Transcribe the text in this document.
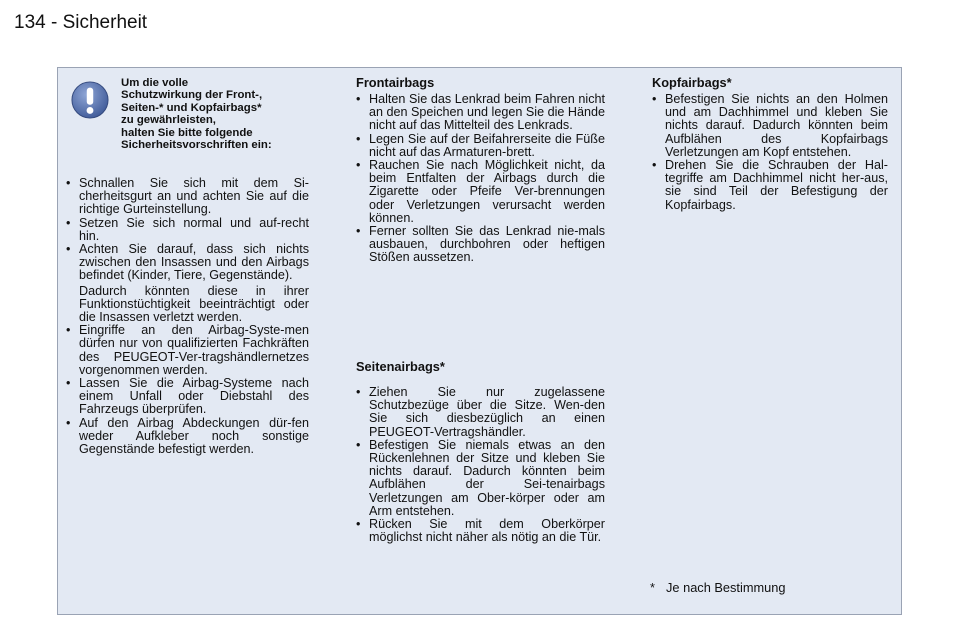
134 - Sicherheit
Um die volle
Schutzwirkung der Front-,
Seiten-* und Kopfairbags*
zu gewährleisten,
halten Sie bitte folgende
Sicherheitsvorschriften ein:
• Schnallen Sie sich mit dem Si-cherheitsgurt an und achten Sie auf die richtige Gurteinstellung.
• Setzen Sie sich normal und auf-recht hin.
• Achten Sie darauf, dass sich nichts zwischen den Insassen und den Airbags befindet (Kinder, Tiere, Gegenstände).

Dadurch könnten diese in ihrer Funktionstüchtigkeit beeinträchtigt oder die Insassen verletzt werden.

• Eingriffe an den Airbag-Syste-men dürfen nur von qualifizierten Fachkräften des PEUGEOT-Ver-tragshändlernetzes vorgenommen werden.
• Lassen Sie die Airbag-Systeme nach einem Unfall oder Diebstahl des Fahrzeugs überprüfen.
• Auf den Airbag Abdeckungen dür-fen weder Aufkleber noch sonstige Gegenstände befestigt werden.
Frontairbags
• Halten Sie das Lenkrad beim Fahren nicht an den Speichen und legen Sie die Hände nicht auf das Mittelteil des Lenkrads.
• Legen Sie auf der Beifahrerseite die Füße nicht auf das Armaturen-brett.
• Rauchen Sie nach Möglichkeit nicht, da beim Entfalten der Airbags durch die Zigarette oder Pfeife Ver-brennungen oder Verletzungen verursacht werden können.
• Ferner sollten Sie das Lenkrad nie-mals ausbauen, durchbohren oder heftigen Stößen aussetzen.
Seitenairbags*
• Ziehen Sie nur zugelassene Schutzbezüge über die Sitze. Wen-den Sie sich diesbezüglich an einen PEUGEOT-Vertragshändler.
• Befestigen Sie niemals etwas an den Rückenlehnen der Sitze und kleben Sie nichts darauf. Dadurch könnten beim Aufblähen der Sei-tenairbags Verletzungen am Ober-körper oder am Arm entstehen.
• Rücken Sie mit dem Oberkörper möglichst nicht näher als nötig an die Tür.
Kopfairbags*
• Befestigen Sie nichts an den Holmen und am Dachhimmel und kleben Sie nichts darauf. Dadurch könnten beim Aufblähen des Kopfairbags Verletzungen am Kopf entstehen.
• Drehen Sie die Schrauben der Hal-tegriffe am Dachhimmel nicht her-aus, sie sind Teil der Befestigung der Kopfairbags.
* Je nach Bestimmung
